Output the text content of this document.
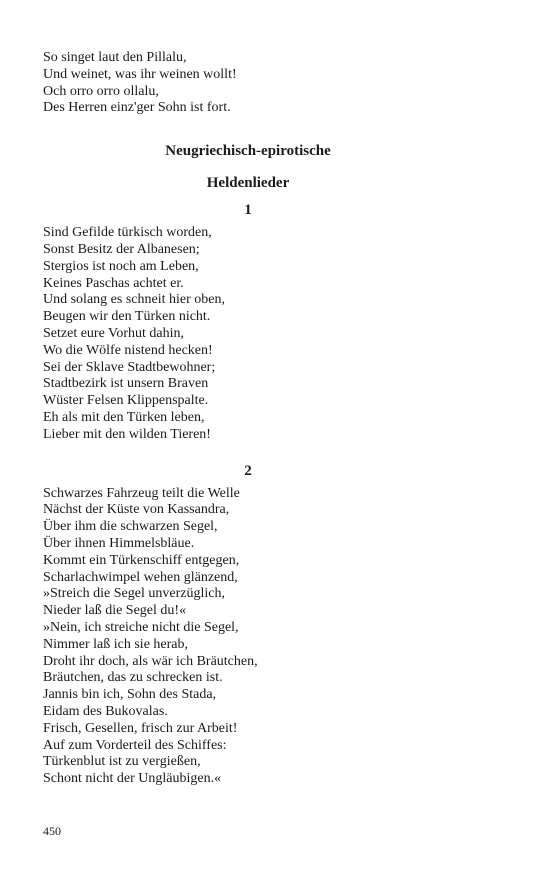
So singet laut den Pillalu,
Und weinet, was ihr weinen wollt!
Och orro orro ollalu,
Des Herren einz'ger Sohn ist fort.
Neugriechisch-epirotische
Heldenlieder
1
Sind Gefilde türkisch worden,
Sonst Besitz der Albanesen;
Stergios ist noch am Leben,
Keines Paschas achtet er.
Und solang es schneit hier oben,
Beugen wir den Türken nicht.
Setzet eure Vorhut dahin,
Wo die Wölfe nistend hecken!
Sei der Sklave Stadtbewohner;
Stadtbezirk ist unsern Braven
Wüster Felsen Klippenspalte.
Eh als mit den Türken leben,
Lieber mit den wilden Tieren!
2
Schwarzes Fahrzeug teilt die Welle
Nächst der Küste von Kassandra,
Über ihm die schwarzen Segel,
Über ihnen Himmelsbläue.
Kommt ein Türkenschiff entgegen,
Scharlachwimpel wehen glänzend,
»Streich die Segel unverzüglich,
Nieder laß die Segel du!«
»Nein, ich streiche nicht die Segel,
Nimmer laß ich sie herab,
Droht ihr doch, als wär ich Bräutchen,
Bräutchen, das zu schrecken ist.
Jannis bin ich, Sohn des Stada,
Eidam des Bukovalas.
Frisch, Gesellen, frisch zur Arbeit!
Auf zum Vorderteil des Schiffes:
Türkenblut ist zu vergießen,
Schont nicht der Ungläubigen.«
450
